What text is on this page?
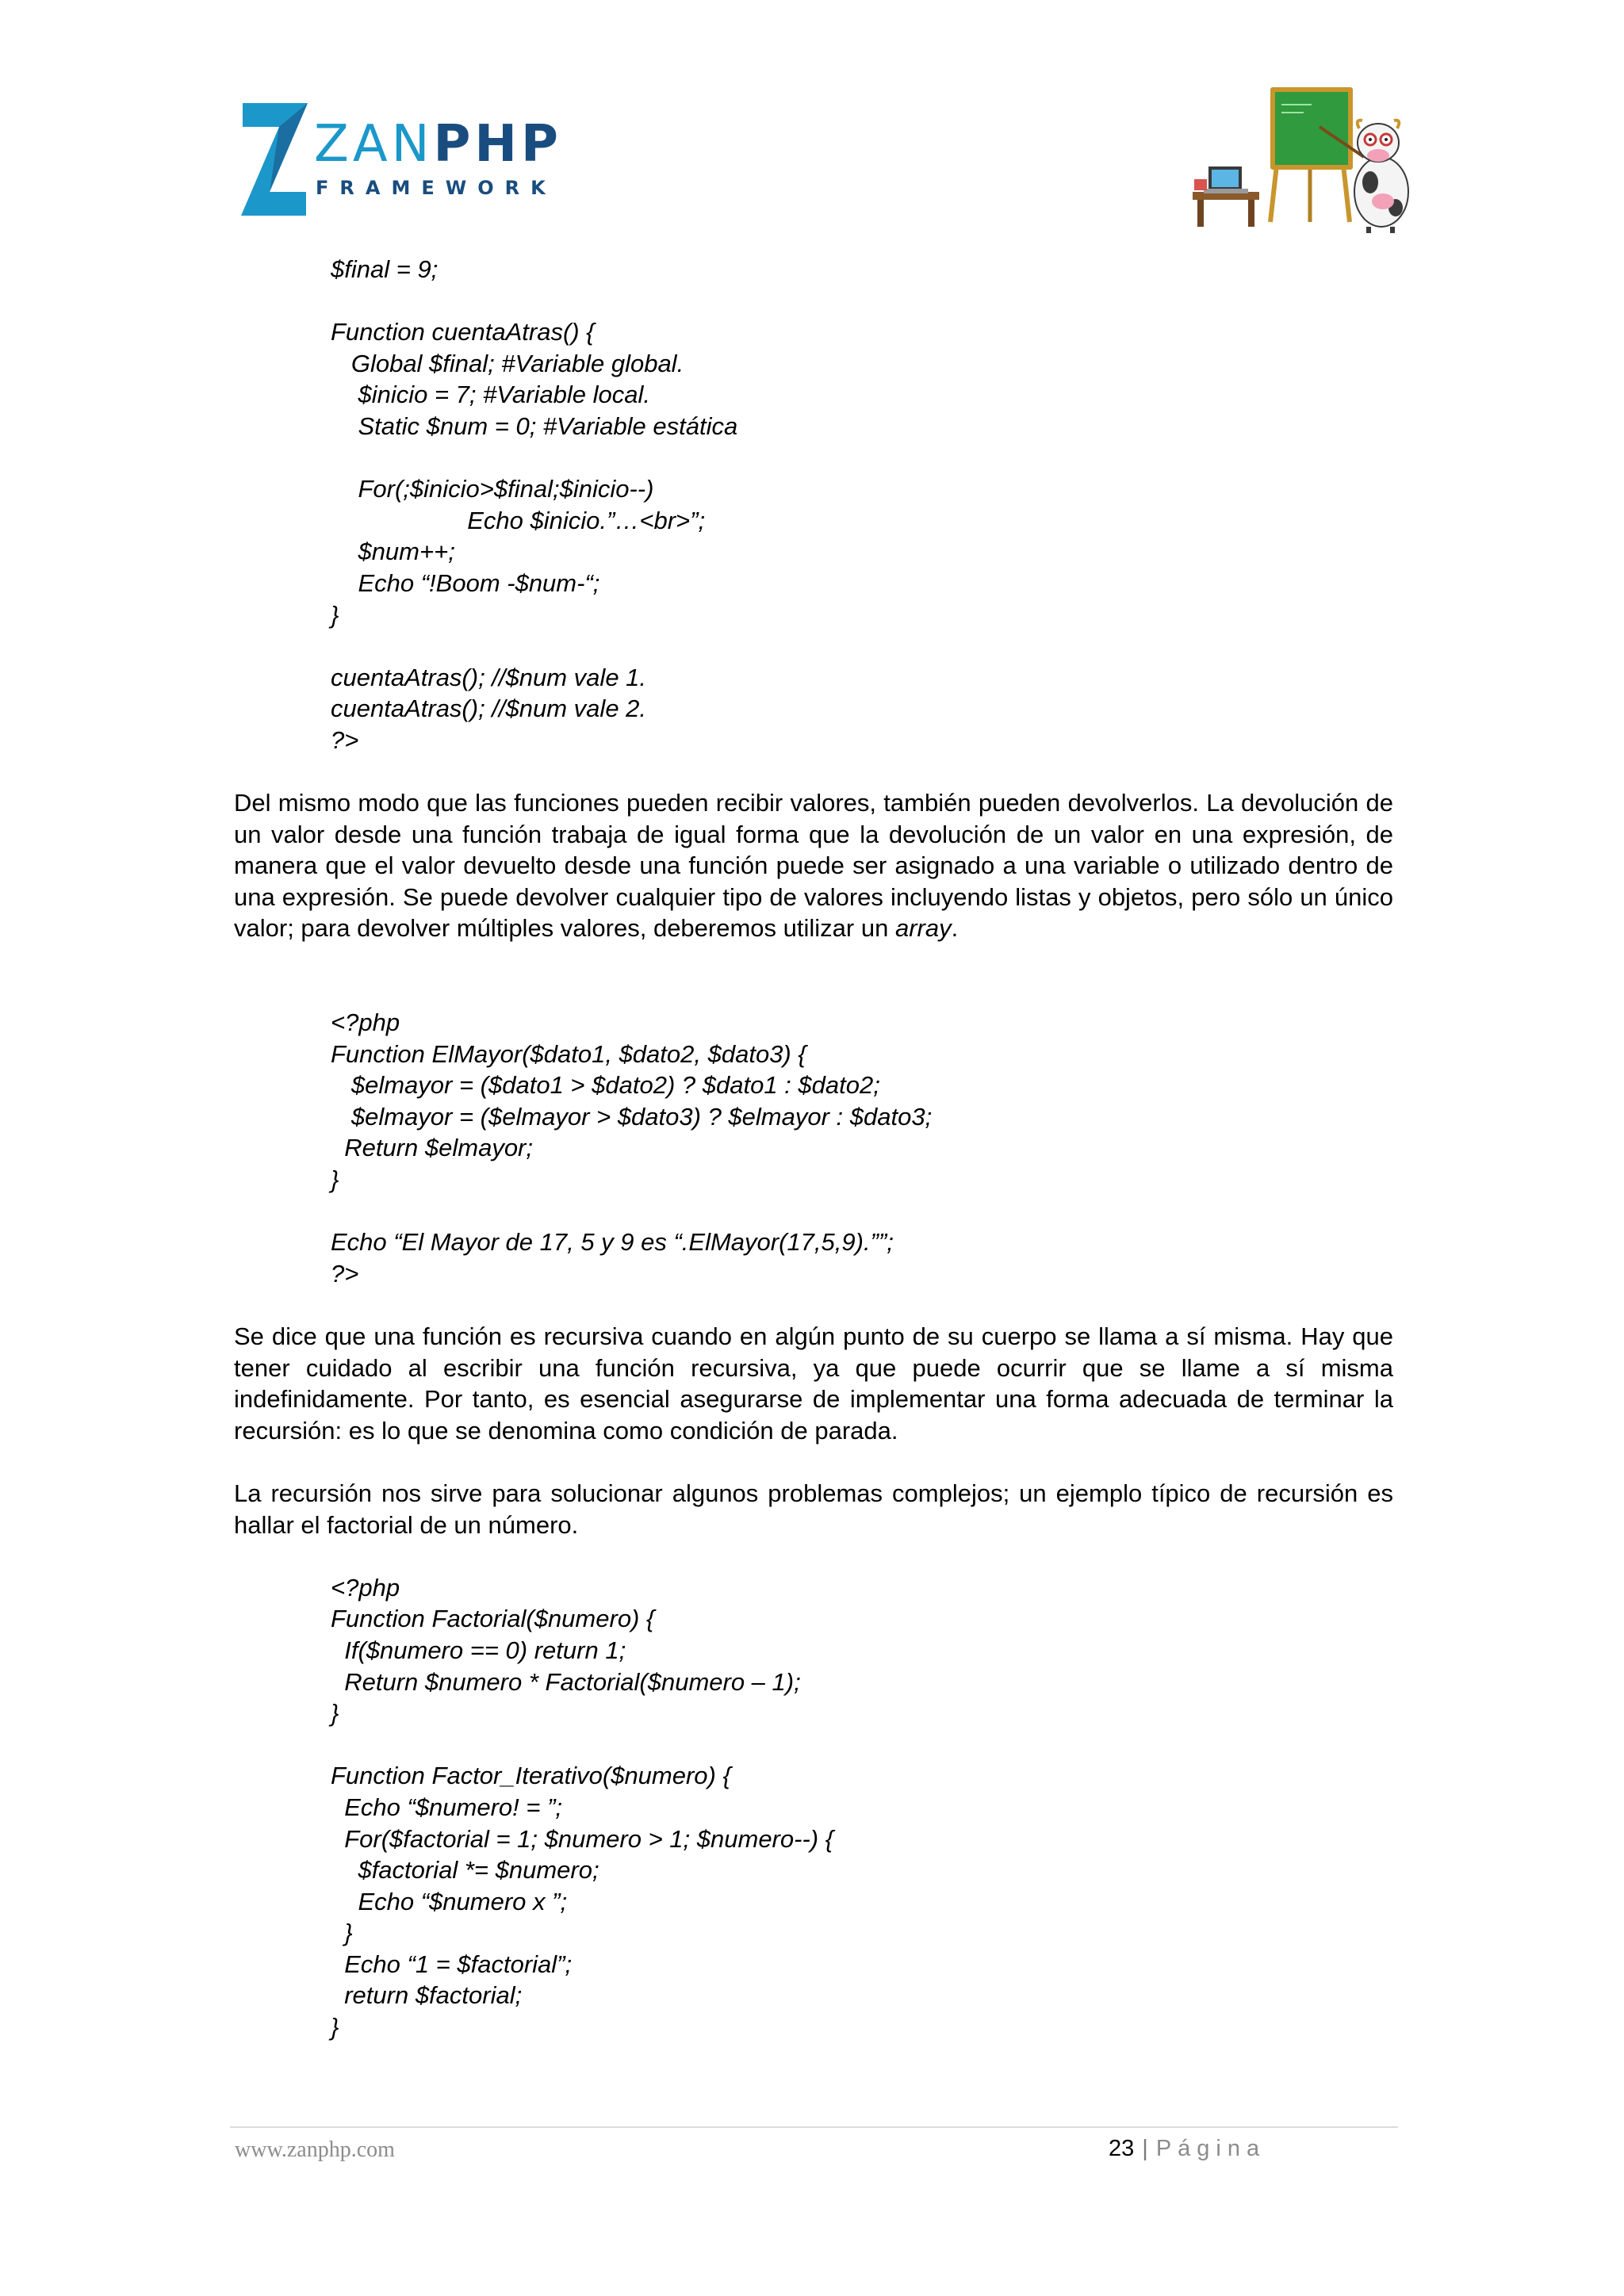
ZANPHP
FRAMEWORK
$final = 9;
Function cuentaAtras() {
Global $final; #Variable global.
$inicio = 7; #Variable local.
Static $num = 0; #Variable estática
For(;$inicio>$final;$inicio--)
Echo $inicio.”…<br>”;
$num++;
Echo “!Boom -$num-“;
}
cuentaAtras(); //$num vale 1.
cuentaAtras(); //$num vale 2.
?>

Del mismo modo que las funciones pueden recibir valores, también pueden devolverlos. La devolución de un valor desde una función trabaja de igual forma que la devolución de un valor en una expresión, de manera que el valor devuelto desde una función puede ser asignado a una variable o utilizado dentro de una expresión. Se puede devolver cualquier tipo de valores incluyendo listas y objetos, pero sólo un único valor; para devolver múltiples valores, deberemos utilizar un array.

<?php
Function ElMayor($dato1, $dato2, $dato3) {
$elmayor = ($dato1 > $dato2) ? $dato1 : $dato2;
$elmayor = ($elmayor > $dato3) ? $elmayor : $dato3;
Return $elmayor;
}
Echo “El Mayor de 17, 5 y 9 es “.ElMayor(17,5,9).””;
?>

Se dice que una función es recursiva cuando en algún punto de su cuerpo se llama a sí misma. Hay que tener cuidado al escribir una función recursiva, ya que puede ocurrir que se llame a sí misma indefinidamente. Por tanto, es esencial asegurarse de implementar una forma adecuada de terminar la recursión: es lo que se denomina como condición de parada.

La recursión nos sirve para solucionar algunos problemas complejos; un ejemplo típico de recursión es hallar el factorial de un número.

<?php
Function Factorial($numero) {
If($numero == 0) return 1;
Return $numero * Factorial($numero – 1);
}
Function Factor_Iterativo($numero) {
Echo “$numero! = ”;
For($factorial = 1; $numero > 1; $numero--) {
$factorial *= $numero;
Echo “$numero x ”;
}
Echo “1 = $factorial”;
return $factorial;
}
www.zanphp.com	23 | Página
